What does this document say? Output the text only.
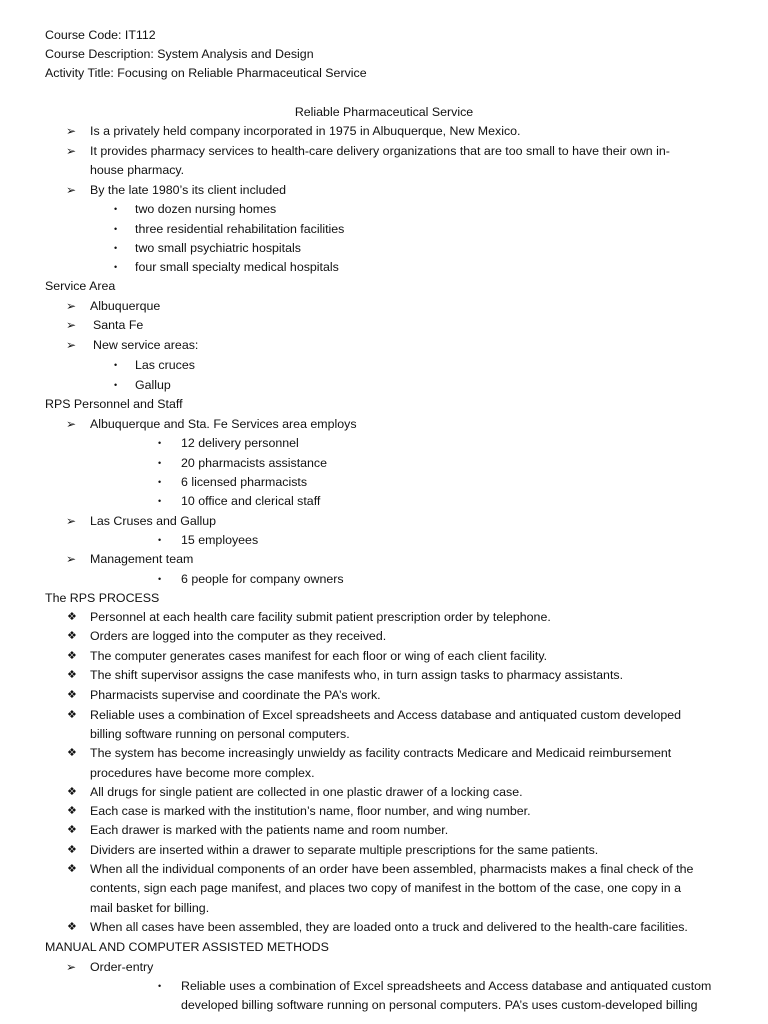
Course Code: IT112
Course Description: System Analysis and Design
Activity Title: Focusing on Reliable Pharmaceutical Service
Reliable Pharmaceutical Service
➢ Is a privately held company incorporated in 1975 in Albuquerque, New Mexico.
➢ It provides pharmacy services to health-care delivery organizations that are too small to have their own in-
house pharmacy.
➢ By the late 1980’s its client included
• two dozen nursing homes
• three residential rehabilitation facilities
• two small psychiatric hospitals
• four small specialty medical hospitals
Service Area
➢ Albuquerque
➢ Santa Fe
➢ New service areas:
• Las cruces
• Gallup
RPS Personnel and Staff
➢ Albuquerque and Sta. Fe Services area employs
• 12 delivery personnel
• 20 pharmacists assistance
• 6 licensed pharmacists
• 10 office and clerical staff
➢ Las Cruses and Gallup
• 15 employees
➢ Management team
• 6 people for company owners
The RPS PROCESS
❖ Personnel at each health care facility submit patient prescription order by telephone.
❖ Orders are logged into the computer as they received.
❖ The computer generates cases manifest for each floor or wing of each client facility.
❖ The shift supervisor assigns the case manifests who, in turn assign tasks to pharmacy assistants.
❖ Pharmacists supervise and coordinate the PA’s work.
❖ Reliable uses a combination of Excel spreadsheets and Access database and antiquated custom developed
billing software running on personal computers.
❖ The system has become increasingly unwieldy as facility contracts Medicare and Medicaid reimbursement
procedures have become more complex.
❖ All drugs for single patient are collected in one plastic drawer of a locking case.
❖ Each case is marked with the institution’s name, floor number, and wing number.
❖ Each drawer is marked with the patients name and room number.
❖ Dividers are inserted within a drawer to separate multiple prescriptions for the same patients.
❖ When all the individual components of an order have been assembled, pharmacists makes a final check of the
contents, sign each page manifest, and places two copy of manifest in the bottom of the case, one copy in a
mail basket for billing.
❖ When all cases have been assembled, they are loaded onto a truck and delivered to the health-care facilities.
MANUAL AND COMPUTER ASSISTED METHODS
➢ Order-entry
• Reliable uses a combination of Excel spreadsheets and Access database and antiquated custom
developed billing software running on personal computers. PA’s uses custom-developed billing
